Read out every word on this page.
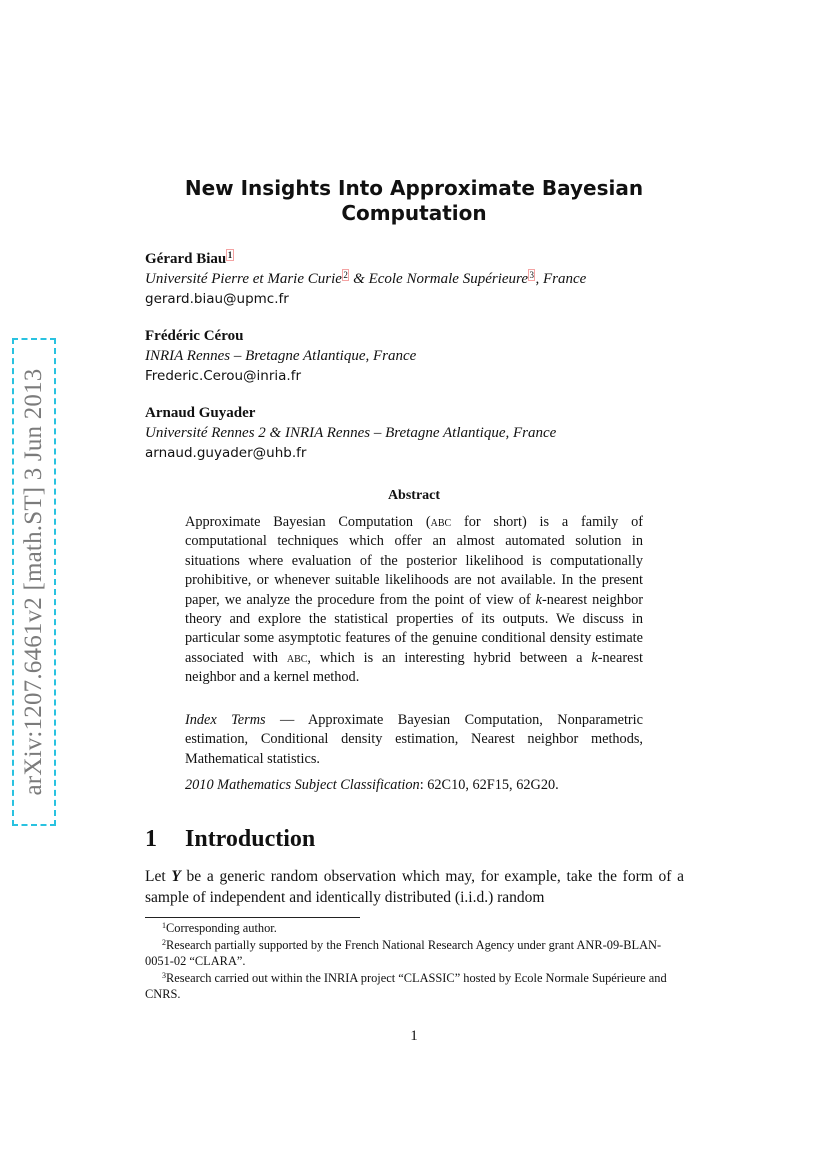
arXiv:1207.6461v2 [math.ST] 3 Jun 2013
New Insights Into Approximate Bayesian
Computation
Gérard Biau $^1$
Université Pierre et Marie Curie $^2$ & Ecole Normale Supérieure $^3$ , France
gerard.biau@upmc.fr
Frédéric Cérou
INRIA Rennes – Bretagne Atlantique, France
Frederic.Cerou@inria.fr
Arnaud Guyader
Université Rennes 2 & INRIA Rennes – Bretagne Atlantique, France
arnaud.guyader@uhb.fr
Abstract

Approximate Bayesian Computation (abc for short) is a family of computational techniques which offer an almost automated solution in situations where evaluation of the posterior likelihood is computationally prohibitive, or whenever suitable likelihoods are not available. In the present paper, we analyze the procedure from the point of view of k-nearest neighbor theory and explore the statistical properties of its outputs. We discuss in particular some asymptotic features of the genuine conditional density estimate associated with abc, which is an interesting hybrid between a k-nearest neighbor and a kernel method.

Index Terms — Approximate Bayesian Computation, Nonparametric estimation, Conditional density estimation, Nearest neighbor methods, Mathematical statistics.
2010 Mathematics Subject Classification: 62C10, 62F15, 62G20.
1 Introduction

Let Y be a generic random observation which may, for example, take the form of a sample of independent and identically distributed (i.i.d.) random

$^1$Corresponding author.

$^2$Research partially supported by the French National Research Agency under grant ANR-09-BLAN-0051-02 “CLARA”.

$^3$Research carried out within the INRIA project “CLASSIC” hosted by Ecole Normale Supérieure and CNRS.

1
